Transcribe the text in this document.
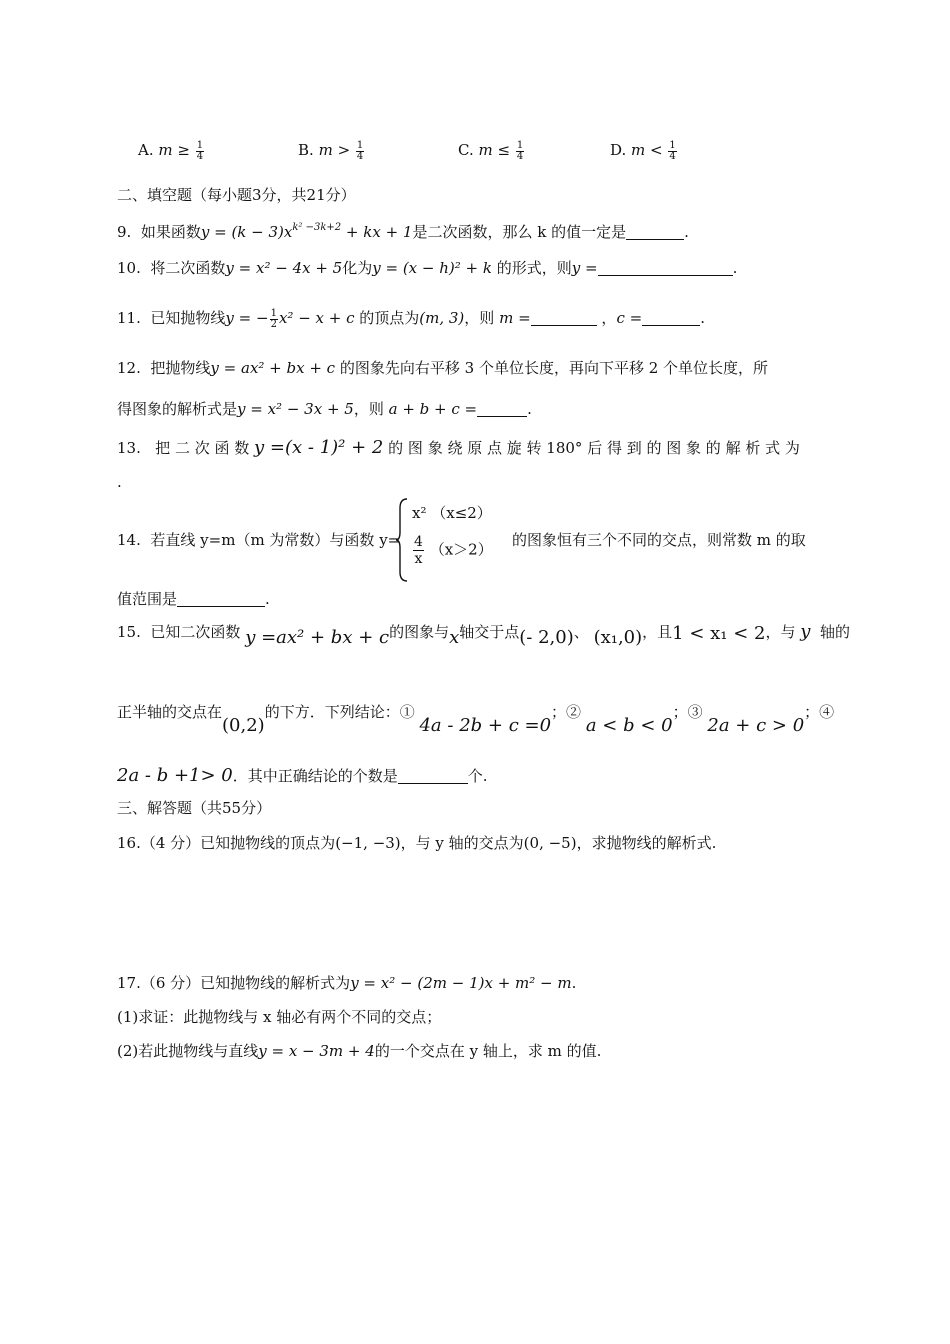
A. $m \ge \frac{1}{4}$	B. $m > \frac{1}{4}$	C. $m \le \frac{1}{4}$	D. $m < \frac{1}{4}$
二、填空题（每小题3分，共21分）
9. 如果函数$y = (k - 3)x^{k^2 -3k+2}$ + kx + 1是二次函数，那么 k 的值一定是	.
10. 将二次函数y = x² − 4x + 5化为y = (x − h)² + k 的形式，则y =	.
11. 已知抛物线y = − $\frac{1}{2} x^2 - x + c$ 的顶点为(m, 3)，则 m =	，c =	.
12. 把抛物线y = ax² + bx + c 的图象先向右平移 3 个单位长度，再向下平移 2 个单位长度，所
得图象的解析式是y = x² − 3x + 5，则 a + b + c =	.
13. 把 二 次 函 数 y =(x - 1)² + 2 的 图 象 绕 原 点 旋 转 180° 后 得 到 的 图 象 的 解 析 式 为
.
14. 若直线 y=m（m 为常数）与函数 y=
x² （x≤2）
$\frac{4}{x} (x>2)$
的图象恒有三个不同的交点，则常数 m 的取
值范围是	.
15. 已知二次函数 y =ax² + bx + c的图象与x轴交于点(- 2,0)、 (x₁,0)，且1 < x₁ < 2，与 y 轴的
正半轴的交点在(0,2)的下方．下列结论：① 4a - 2b + c =0；② a < b < 0；③ 2a + c > 0；④
2a - b +1> 0．其中正确结论的个数是	个.
三、解答题（共55分）
16.（4 分）已知抛物线的顶点为(−1, −3)，与 y 轴的交点为(0, −5)，求抛物线的解析式.
17.（6 分）已知抛物线的解析式为y = x² − (2m − 1)x + m² − m.
(1)求证：此抛物线与 x 轴必有两个不同的交点；
(2)若此抛物线与直线y = x − 3m + 4的一个交点在 y 轴上，求 m 的值.
